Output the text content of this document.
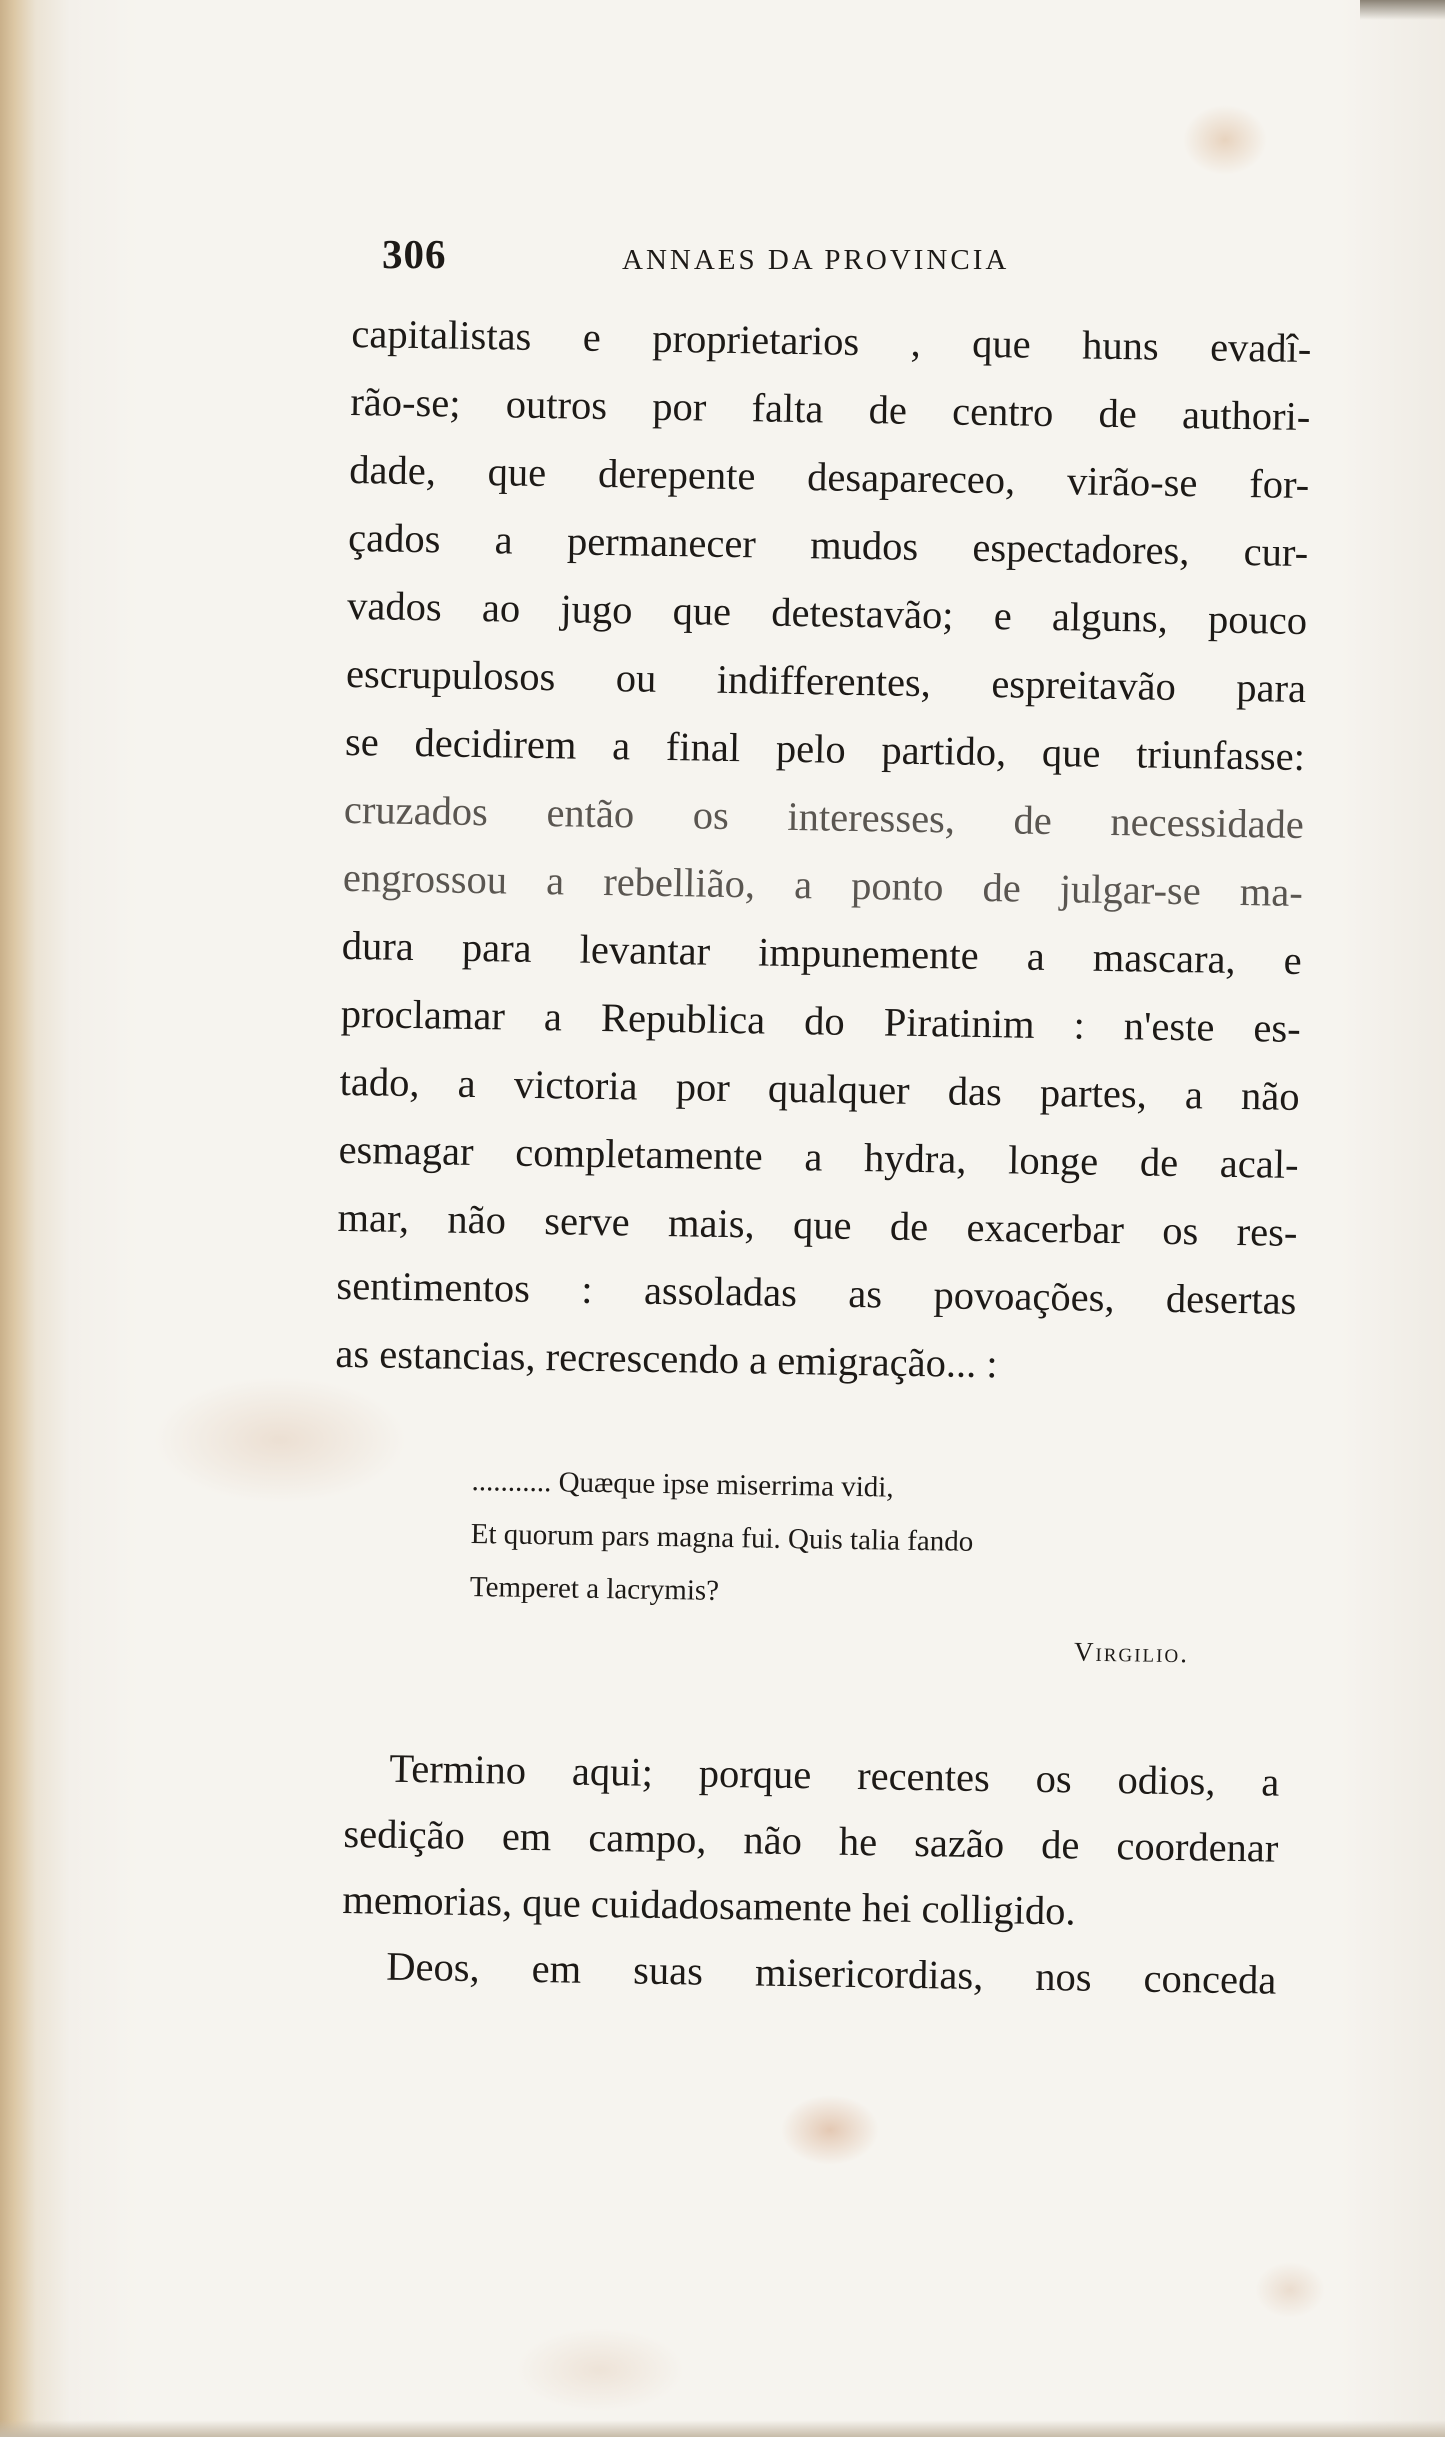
306	ANNAES DA PROVINCIA
capitalistas e proprietarios , que huns evadî-
rão-se; outros por falta de centro de authori-
dade, que derepente desapareceo, virão-se for-
çados a permanecer mudos espectadores, cur-
vados ao jugo que detestavão; e alguns, pouco
escrupulosos ou indifferentes, espreitavão para
se decidirem a final pelo partido, que triunfasse:
cruzados então os interesses, de necessidade
engrossou a rebellião, a ponto de julgar-se ma-
dura para levantar impunemente a mascara, e
proclamar a Republica do Piratinim : n'este es-
tado, a victoria por qualquer das partes, a não
esmagar completamente a hydra, longe de acal-
mar, não serve mais, que de exacerbar os res-
sentimentos : assoladas as povoações, desertas
as estancias, recrescendo a emigração... :
........... Quæque ipse miserrima vidi,
Et quorum pars magna fui. Quis talia fando
Temperet a lacrymis?
Virgilio.
Termino aqui; porque recentes os odios, a
sedição em campo, não he sazão de coordenar
memorias, que cuidadosamente hei colligido.
Deos, em suas misericordias, nos conceda
